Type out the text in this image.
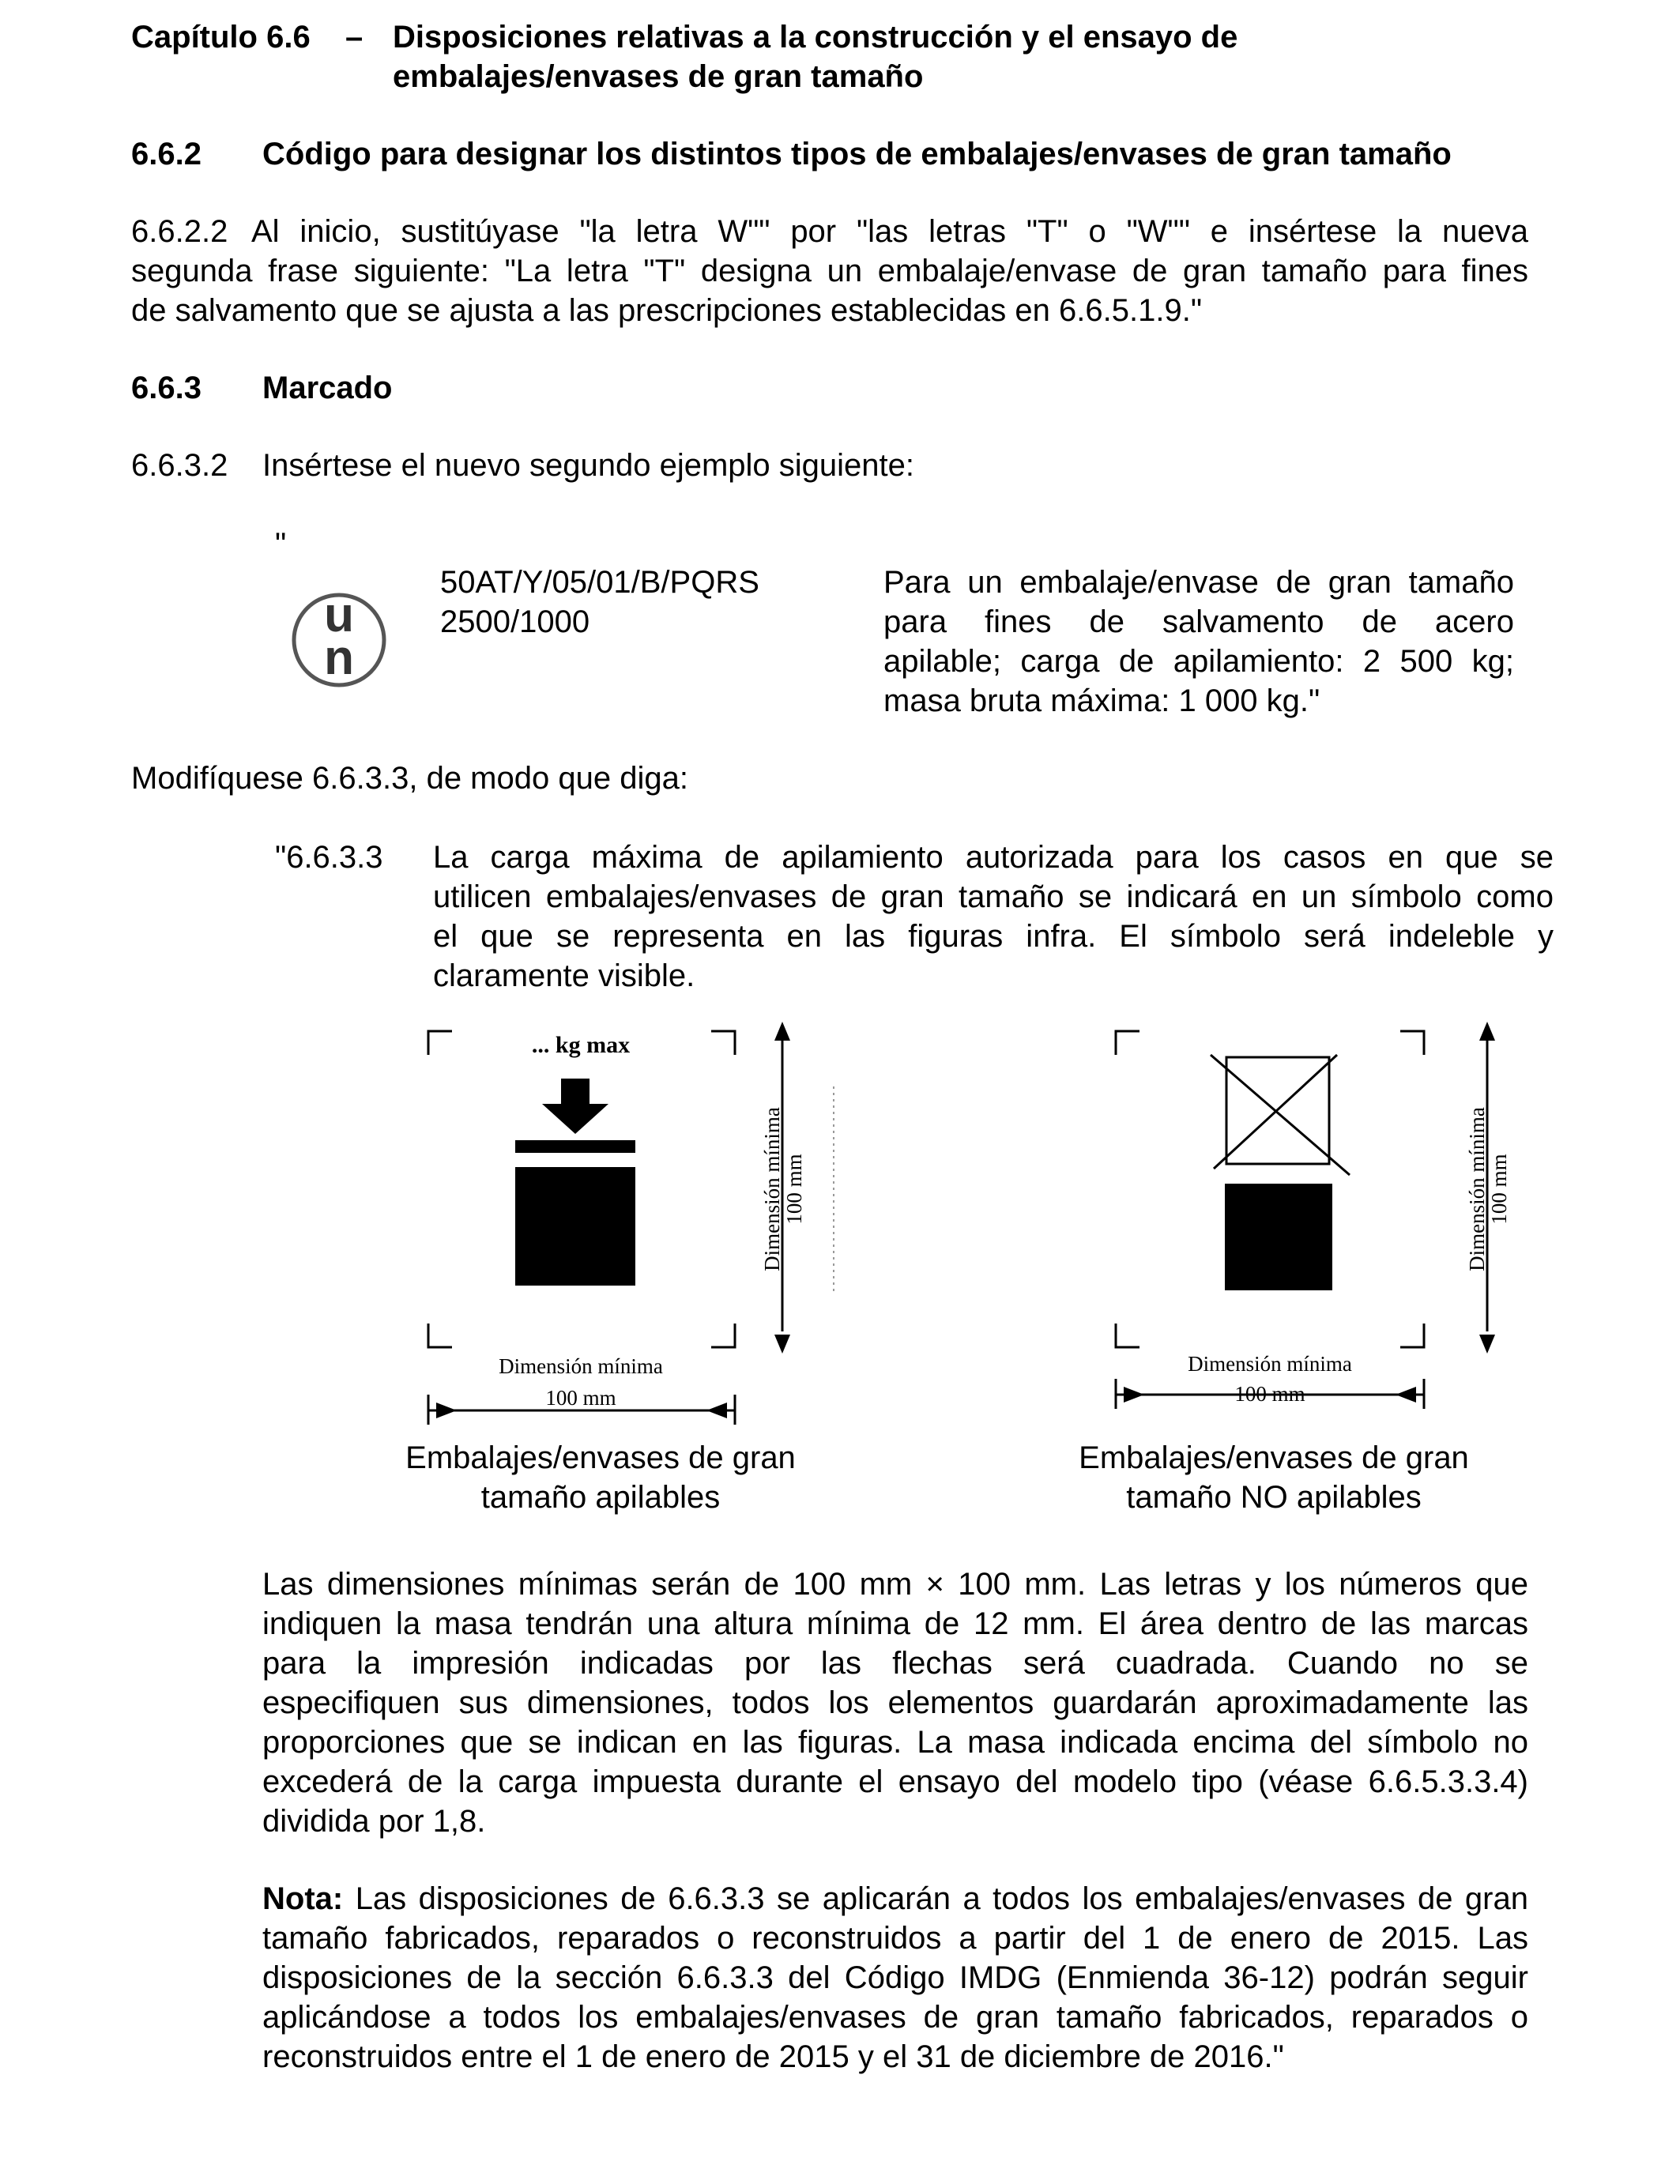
Capítulo 6.6 – Disposiciones relativas a la construcción y el ensayo de
embalajes/envases de gran tamaño
6.6.2 Código para designar los distintos tipos de embalajes/envases de gran tamaño
6.6.2.2 Al inicio, sustitúyase "la letra W"" por "las letras "T" o "W"" e insértese la nueva
segunda frase siguiente: "La letra "T" designa un embalaje/envase de gran tamaño para fines
de salvamento que se ajusta a las prescripciones establecidas en 6.6.5.1.9."
6.6.3 Marcado
6.6.3.2 Insértese el nuevo segundo ejemplo siguiente:
"
u
n
50AT/Y/05/01/B/PQRS
2500/1000
Para un embalaje/envase de gran tamaño
para fines de salvamento de acero
apilable; carga de apilamiento: 2 500 kg;
masa bruta máxima: 1 000 kg."
Modifíquese 6.6.3.3, de modo que diga:
"6.6.3.3 La carga máxima de apilamiento autorizada para los casos en que se
utilicen embalajes/envases de gran tamaño se indicará en un símbolo como
el que se representa en las figuras infra. El símbolo será indeleble y
claramente visible.
... kg max
Dimensión mínima
100 mm
Dimensión mínima
100 mm
Dimensión mínima
100 mm
Dimensión mínima
100 mm
Embalajes/envases de gran
tamaño apilables
Embalajes/envases de gran
tamaño NO apilables
Las dimensiones mínimas serán de 100 mm × 100 mm. Las letras y los números que
indiquen la masa tendrán una altura mínima de 12 mm. El área dentro de las marcas
para la impresión indicadas por las flechas será cuadrada. Cuando no se
especifiquen sus dimensiones, todos los elementos guardarán aproximadamente las
proporciones que se indican en las figuras. La masa indicada encima del símbolo no
excederá de la carga impuesta durante el ensayo del modelo tipo (véase 6.6.5.3.3.4)
dividida por 1,8.
Nota: Las disposiciones de 6.6.3.3 se aplicarán a todos los embalajes/envases de gran
tamaño fabricados, reparados o reconstruidos a partir del 1 de enero de 2015. Las
disposiciones de la sección 6.6.3.3 del Código IMDG (Enmienda 36-12) podrán seguir
aplicándose a todos los embalajes/envases de gran tamaño fabricados, reparados o
reconstruidos entre el 1 de enero de 2015 y el 31 de diciembre de 2016."
